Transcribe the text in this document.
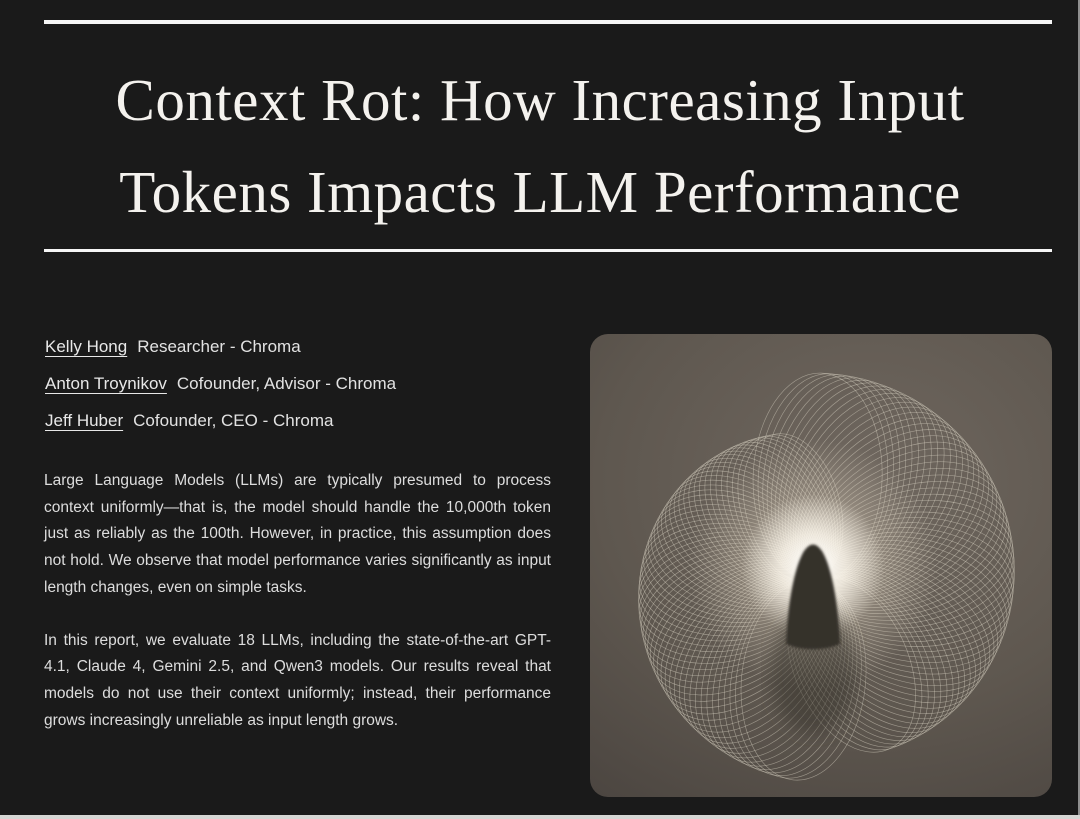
Context Rot: How Increasing Input
Tokens Impacts LLM Performance
Kelly Hong Researcher - Chroma
Anton Troynikov Cofounder, Advisor - Chroma
Jeff Huber Cofounder, CEO - Chroma
Large Language Models (LLMs) are typically presumed to process context uniformly—that is, the model should handle the 10,000th token just as reliably as the 100th. However, in practice, this assumption does not hold. We observe that model performance varies significantly as input length changes, even on simple tasks.
In this report, we evaluate 18 LLMs, including the state-of-the-art GPT-4.1, Claude 4, Gemini 2.5, and Qwen3 models. Our results reveal that models do not use their context uniformly; instead, their performance grows increasingly unreliable as input length grows.
